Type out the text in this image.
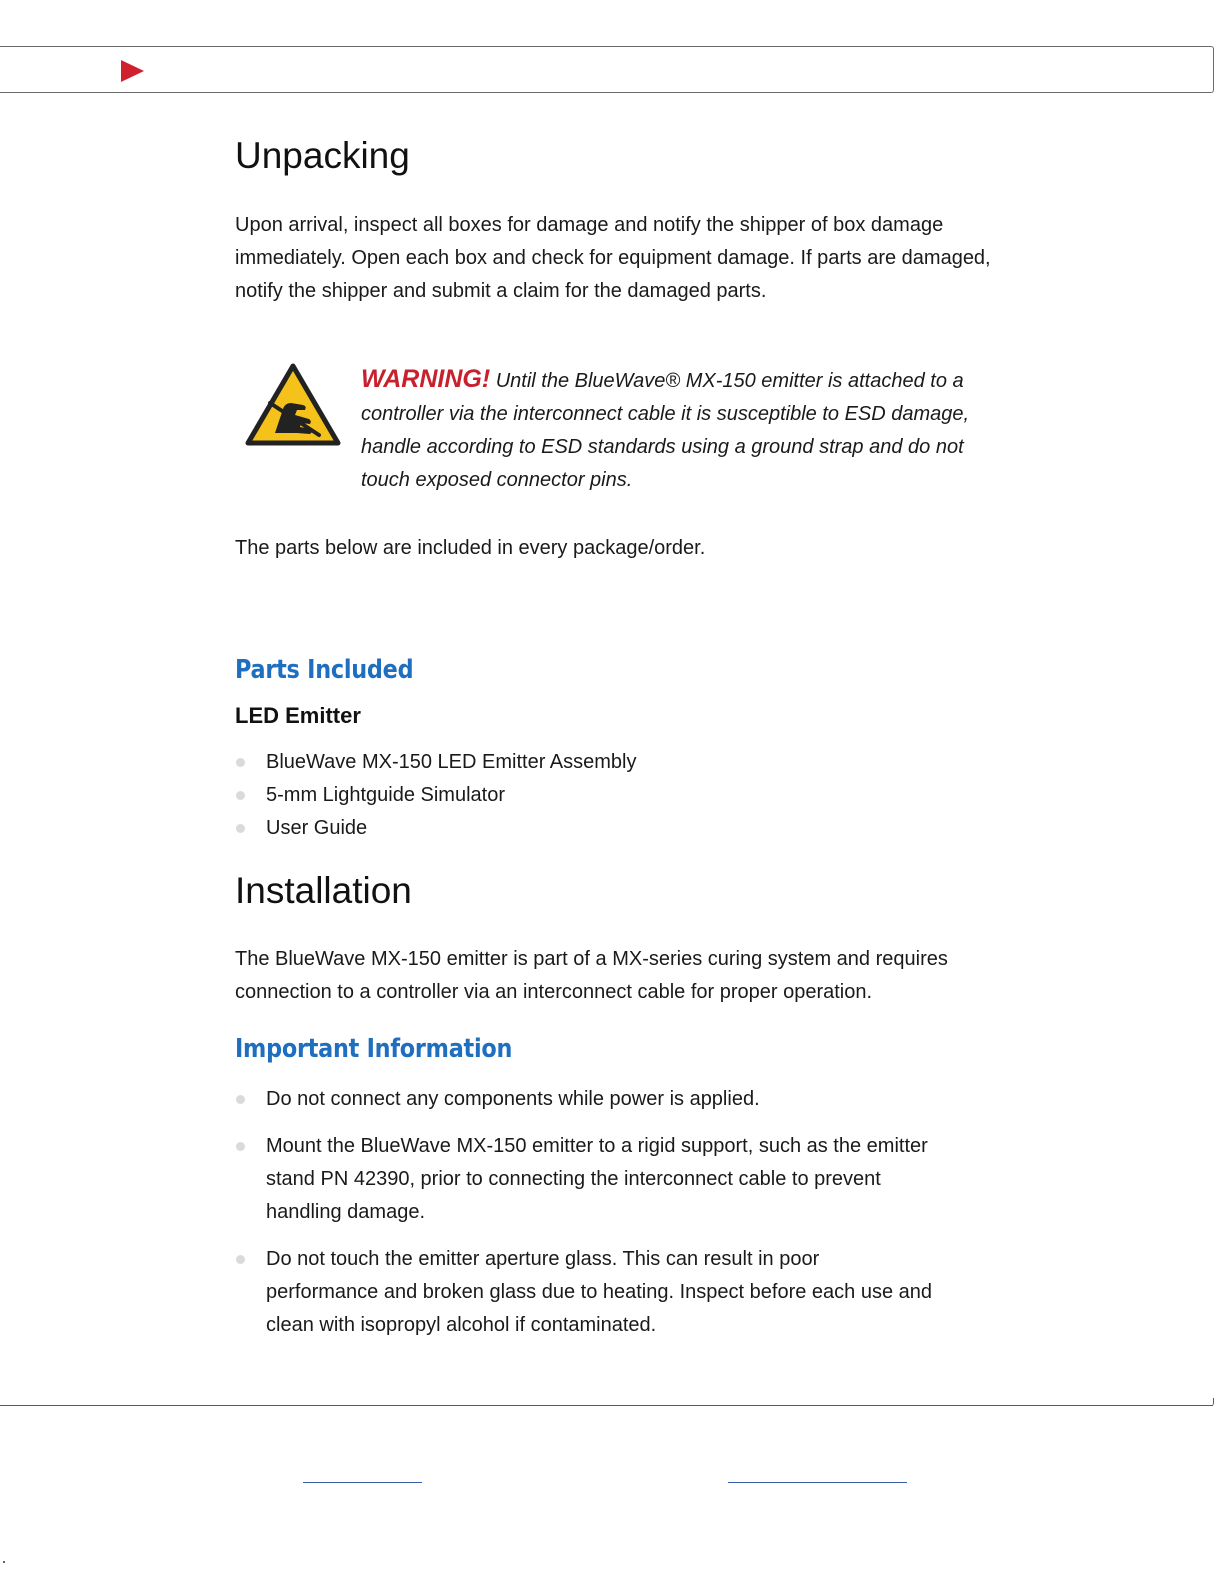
Unpacking

Upon arrival, inspect all boxes for damage and notify the shipper of box damage immediately. Open each box and check for equipment damage. If parts are damaged, notify the shipper and submit a claim for the damaged parts.

WARNING! Until the BlueWave® MX-150 emitter is attached to a controller via the interconnect cable it is susceptible to ESD damage, handle according to ESD standards using a ground strap and do not touch exposed connector pins.

The parts below are included in every package/order.

Parts Included
LED Emitter
BlueWave MX-150 LED Emitter Assembly
5-mm Lightguide Simulator
User Guide
Installation

The BlueWave MX-150 emitter is part of a MX-series curing system and requires connection to a controller via an interconnect cable for proper operation.

Important Information
Do not connect any components while power is applied.
Mount the BlueWave MX-150 emitter to a rigid support, such as the emitter stand PN 42390, prior to connecting the interconnect cable to prevent handling damage.
Do not touch the emitter aperture glass. This can result in poor performance and broken glass due to heating. Inspect before each use and clean with isopropyl alcohol if contaminated.
